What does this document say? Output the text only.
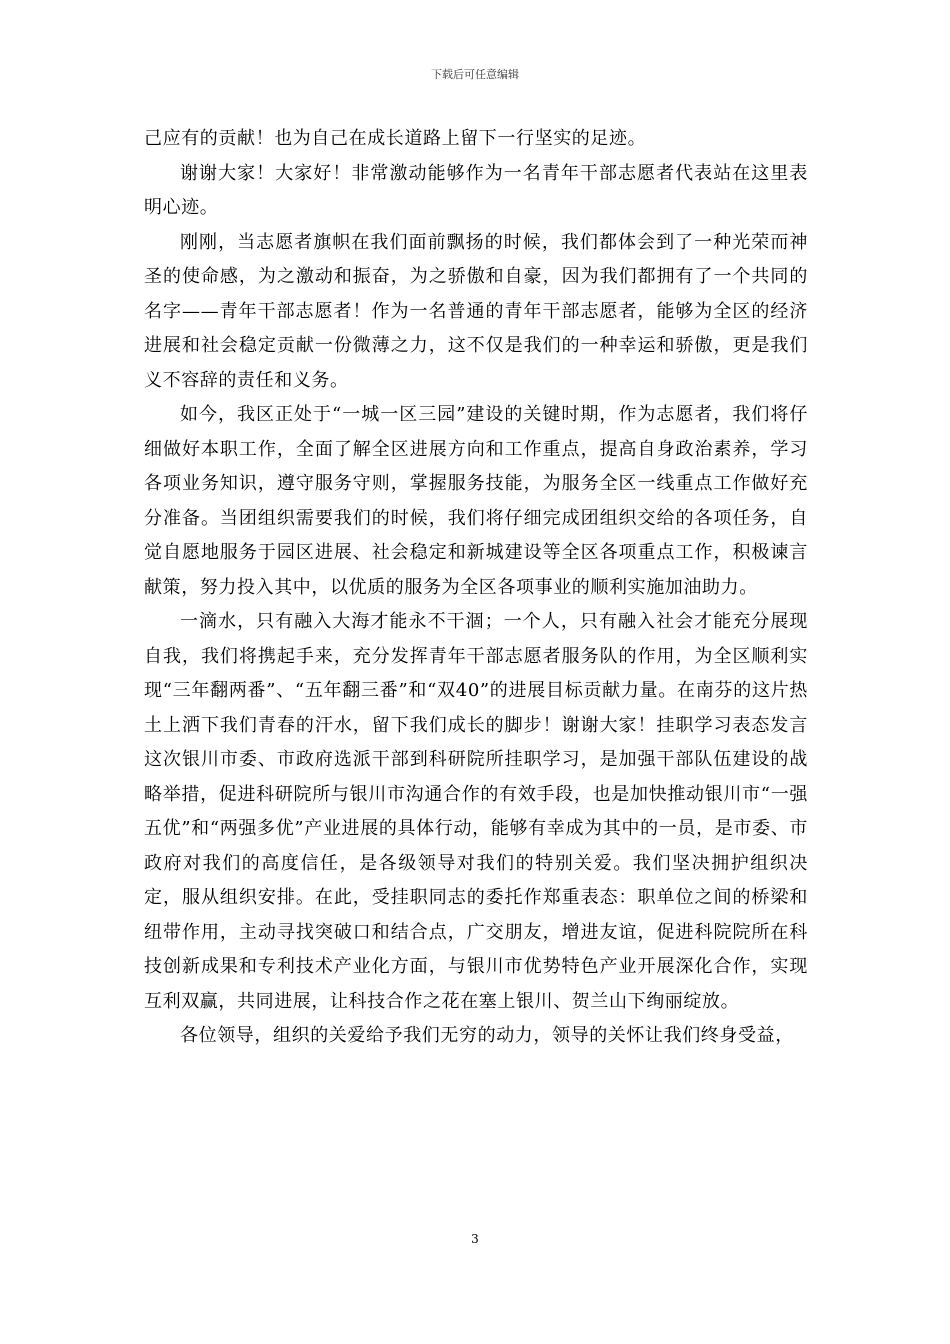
下载后可任意编辑

己应有的贡献！也为自己在成长道路上留下一行坚实的足迹。

谢谢大家！大家好！非常激动能够作为一名青年干部志愿者代表站在这里表明心迹。

刚刚，当志愿者旗帜在我们面前飘扬的时候，我们都体会到了一种光荣而神圣的使命感，为之激动和振奋，为之骄傲和自豪，因为我们都拥有了一个共同的名字——青年干部志愿者！作为一名普通的青年干部志愿者，能够为全区的经济进展和社会稳定贡献一份微薄之力，这不仅是我们的一种幸运和骄傲，更是我们义不容辞的责任和义务。

如今，我区正处于“一城一区三园”建设的关键时期，作为志愿者，我们将仔细做好本职工作，全面了解全区进展方向和工作重点，提高自身政治素养，学习各项业务知识，遵守服务守则，掌握服务技能，为服务全区一线重点工作做好充分准备。当团组织需要我们的时候，我们将仔细完成团组织交给的各项任务，自觉自愿地服务于园区进展、社会稳定和新城建设等全区各项重点工作，积极谏言献策，努力投入其中，以优质的服务为全区各项事业的顺利实施加油助力。

一滴水，只有融入大海才能永不干涸；一个人，只有融入社会才能充分展现自我，我们将携起手来，充分发挥青年干部志愿者服务队的作用，为全区顺利实现“三年翻两番”、“五年翻三番”和“双40”的进展目标贡献力量。在南芬的这片热土上洒下我们青春的汗水，留下我们成长的脚步！谢谢大家！挂职学习表态发言这次银川市委、市政府选派干部到科研院所挂职学习，是加强干部队伍建设的战略举措，促进科研院所与银川市沟通合作的有效手段，也是加快推动银川市“一强五优”和“两强多优”产业进展的具体行动，能够有幸成为其中的一员，是市委、市政府对我们的高度信任，是各级领导对我们的特别关爱。我们坚决拥护组织决定，服从组织安排。在此，受挂职同志的委托作郑重表态：职单位之间的桥梁和纽带作用，主动寻找突破口和结合点，广交朋友，增进友谊，促进科院院所在科技创新成果和专利技术产业化方面，与银川市优势特色产业开展深化合作，实现互利双赢，共同进展，让科技合作之花在塞上银川、贺兰山下绚丽绽放。

各位领导，组织的关爱给予我们无穷的动力，领导的关怀让我们终身受益，

3
